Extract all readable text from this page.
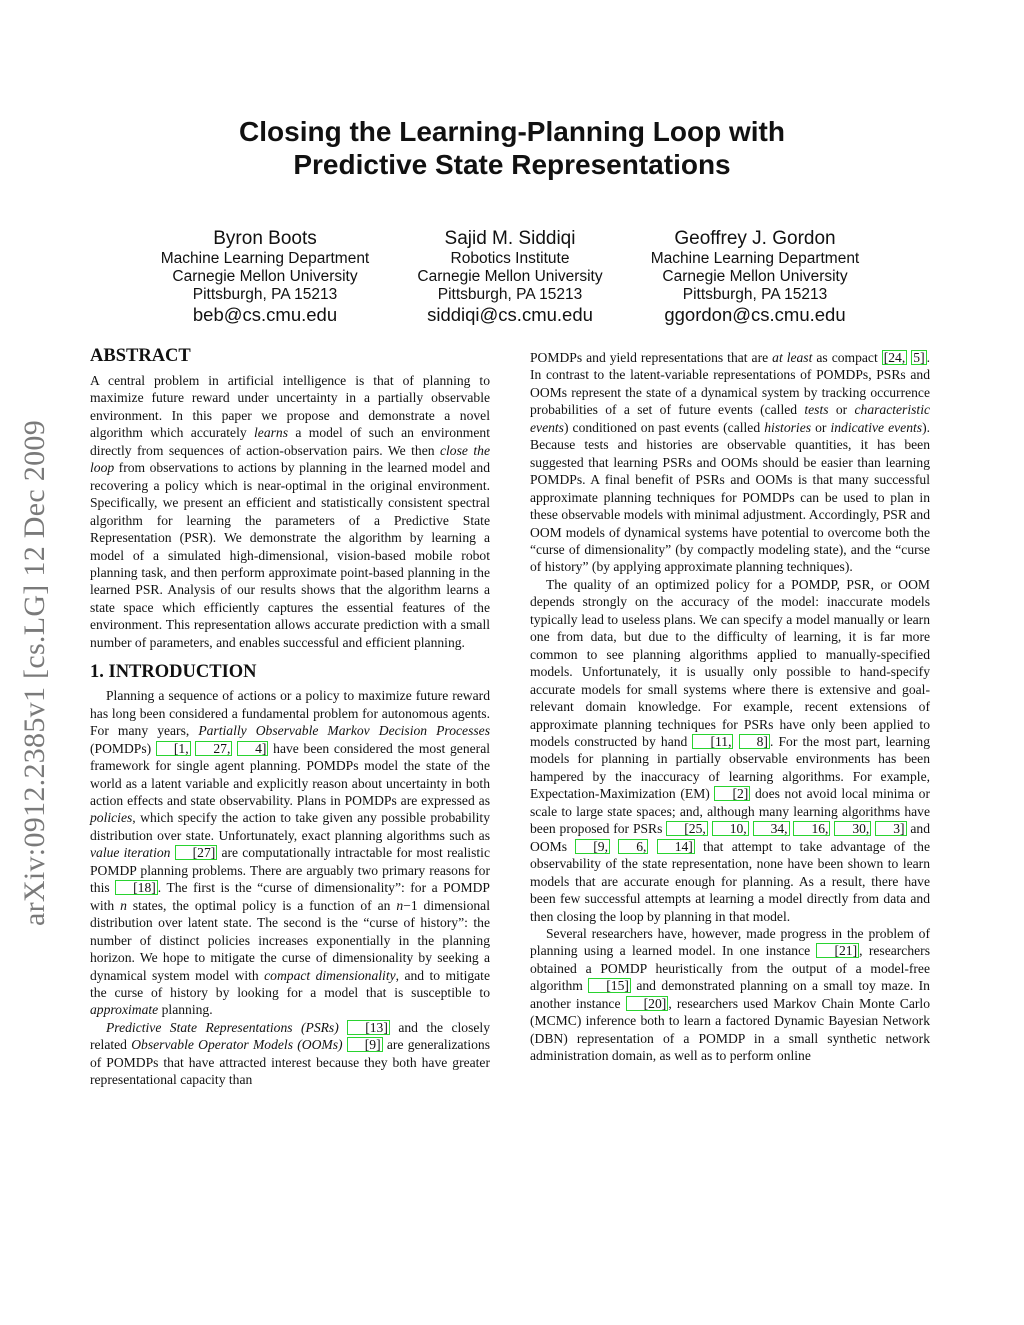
Closing the Learning-Planning Loop with
Predictive State Representations
Byron Boots
Machine Learning Department
Carnegie Mellon University
Pittsburgh, PA 15213
beb@cs.cmu.edu
Sajid M. Siddiqi
Robotics Institute
Carnegie Mellon University
Pittsburgh, PA 15213
siddiqi@cs.cmu.edu
Geoffrey J. Gordon
Machine Learning Department
Carnegie Mellon University
Pittsburgh, PA 15213
ggordon@cs.cmu.edu
arXiv:0912.2385v1 [cs.LG] 12 Dec 2009
ABSTRACT

A central problem in artificial intelligence is that of planning to maximize future reward under uncertainty in a partially observable environment. In this paper we propose and demonstrate a novel algorithm which accurately learns a model of such an environment directly from sequences of action-observation pairs. We then close the loop from observations to actions by planning in the learned model and recovering a policy which is near-optimal in the original environment. Specifically, we present an efficient and statistically consistent spectral algorithm for learning the parameters of a Predictive State Representation (PSR). We demonstrate the algorithm by learning a model of a simulated high-dimensional, vision-based mobile robot planning task, and then perform approximate point-based planning in the learned PSR. Analysis of our results shows that the algorithm learns a state space which efficiently captures the essential features of the environment. This representation allows accurate prediction with a small number of parameters, and enables successful and efficient planning.

1. INTRODUCTION

Planning a sequence of actions or a policy to maximize future reward has long been considered a fundamental problem for autonomous agents. For many years, Partially Observable Markov Decision Processes (POMDPs) [1, 27, 4] have been considered the most general framework for single agent planning. POMDPs model the state of the world as a latent variable and explicitly reason about uncertainty in both action effects and state observability. Plans in POMDPs are expressed as policies, which specify the action to take given any possible probability distribution over state. Unfortunately, exact planning algorithms such as value iteration [27] are computationally intractable for most realistic POMDP planning problems. There are arguably two primary reasons for this [18] . The first is the “curse of dimensionality”: for a POMDP with n states, the optimal policy is a function of an n−1 dimensional distribution over latent state. The second is the “curse of history”: the number of distinct policies increases exponentially in the planning horizon. We hope to mitigate the curse of dimensionality by seeking a dynamical system model with compact dimensionality, and to mitigate the curse of history by looking for a model that is susceptible to approximate planning.

Predictive State Representations (PSRs) [13] and the closely related Observable Operator Models (OOMs) [9] are generalizations of POMDPs that have attracted interest because they both have greater representational capacity than

POMDPs and yield representations that are at least as compact [24, 5] . In contrast to the latent-variable representations of POMDPs, PSRs and OOMs represent the state of a dynamical system by tracking occurrence probabilities of a set of future events (called tests or characteristic events) conditioned on past events (called histories or indicative events). Because tests and histories are observable quantities, it has been suggested that learning PSRs and OOMs should be easier than learning POMDPs. A final benefit of PSRs and OOMs is that many successful approximate planning techniques for POMDPs can be used to plan in these observable models with minimal adjustment. Accordingly, PSR and OOM models of dynamical systems have potential to overcome both the “curse of dimensionality” (by compactly modeling state), and the “curse of history” (by applying approximate planning techniques).

The quality of an optimized policy for a POMDP, PSR, or OOM depends strongly on the accuracy of the model: inaccurate models typically lead to useless plans. We can specify a model manually or learn one from data, but due to the difficulty of learning, it is far more common to see planning algorithms applied to manually-specified models. Unfortunately, it is usually only possible to hand-specify accurate models for small systems where there is extensive and goal-relevant domain knowledge. For example, recent extensions of approximate planning techniques for PSRs have only been applied to models constructed by hand [11, 8] . For the most part, learning models for planning in partially observable environments has been hampered by the inaccuracy of learning algorithms. For example, Expectation-Maximization (EM) [2] does not avoid local minima or scale to large state spaces; and, although many learning algorithms have been proposed for PSRs [25, 10, 34, 16, 30, 3] and OOMs [9, 6, 14] that attempt to take advantage of the observability of the state representation, none have been shown to learn models that are accurate enough for planning. As a result, there have been few successful attempts at learning a model directly from data and then closing the loop by planning in that model.

Several researchers have, however, made progress in the problem of planning using a learned model. In one instance [21] , researchers obtained a POMDP heuristically from the output of a model-free algorithm [15] and demonstrated planning on a small toy maze. In another instance [20] , researchers used Markov Chain Monte Carlo (MCMC) inference both to learn a factored Dynamic Bayesian Network (DBN) representation of a POMDP in a small synthetic network administration domain, as well as to perform online
